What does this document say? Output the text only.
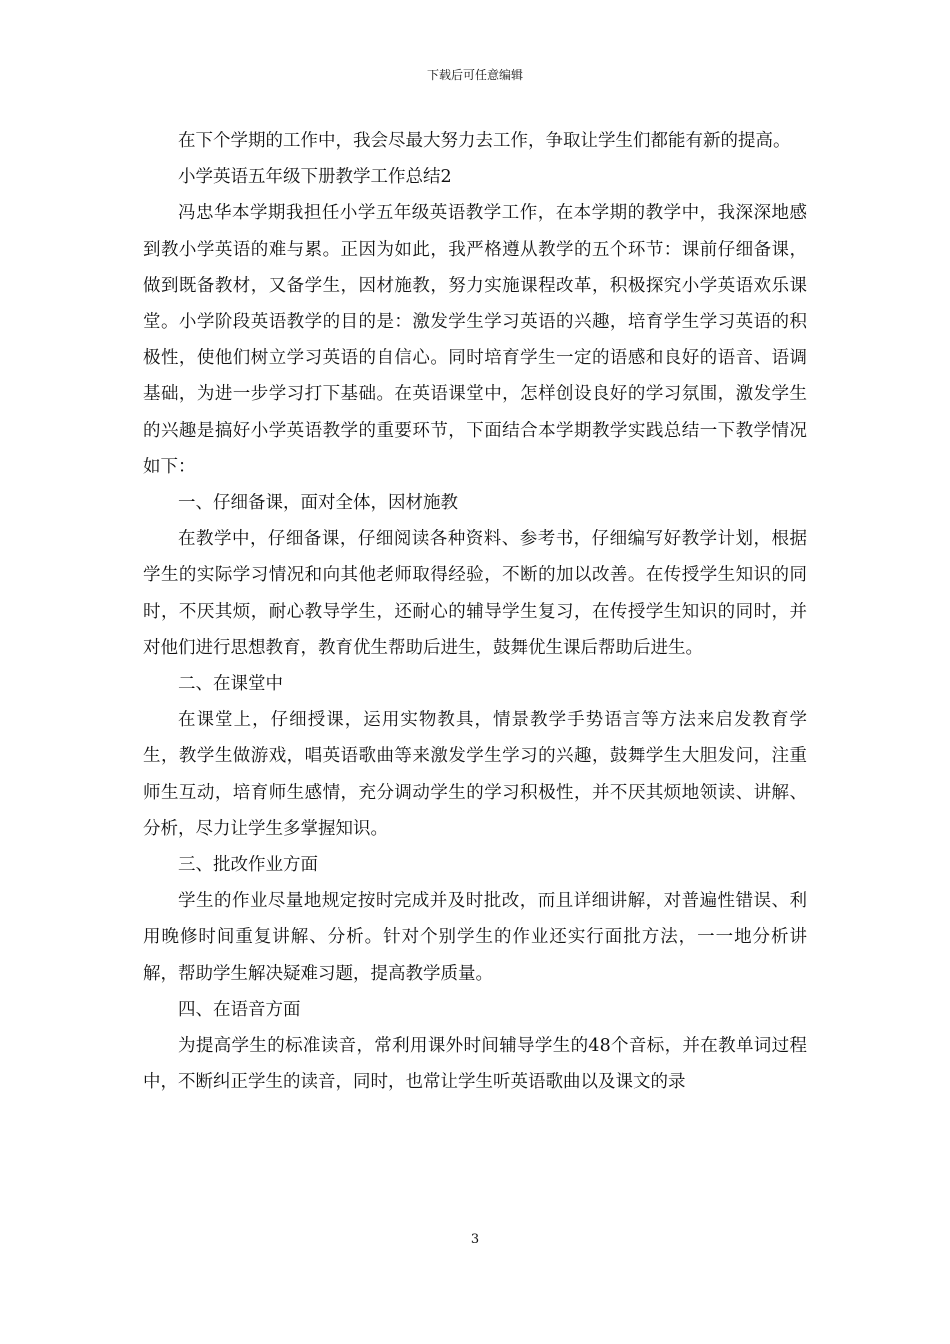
下载后可任意编辑

在下个学期的工作中，我会尽最大努力去工作，争取让学生们都能有新的提高。

小学英语五年级下册教学工作总结2

冯忠华本学期我担任小学五年级英语教学工作，在本学期的教学中，我深深地感到教小学英语的难与累。正因为如此，我严格遵从教学的五个环节：课前仔细备课，做到既备教材，又备学生，因材施教，努力实施课程改革，积极探究小学英语欢乐课堂。小学阶段英语教学的目的是：激发学生学习英语的兴趣，培育学生学习英语的积极性，使他们树立学习英语的自信心。同时培育学生一定的语感和良好的语音、语调基础，为进一步学习打下基础。在英语课堂中，怎样创设良好的学习氛围，激发学生的兴趣是搞好小学英语教学的重要环节，下面结合本学期教学实践总结一下教学情况如下：

一、仔细备课，面对全体，因材施教

在教学中，仔细备课，仔细阅读各种资料、参考书，仔细编写好教学计划，根据学生的实际学习情况和向其他老师取得经验，不断的加以改善。在传授学生知识的同时，不厌其烦，耐心教导学生，还耐心的辅导学生复习，在传授学生知识的同时，并对他们进行思想教育，教育优生帮助后进生，鼓舞优生课后帮助后进生。

二、在课堂中

在课堂上，仔细授课，运用实物教具，情景教学手势语言等方法来启发教育学生，教学生做游戏，唱英语歌曲等来激发学生学习的兴趣，鼓舞学生大胆发问，注重师生互动，培育师生感情，充分调动学生的学习积极性，并不厌其烦地领读、讲解、分析，尽力让学生多掌握知识。

三、批改作业方面

学生的作业尽量地规定按时完成并及时批改，而且详细讲解，对普遍性错误、利用晚修时间重复讲解、分析。针对个别学生的作业还实行面批方法，一一地分析讲解，帮助学生解决疑难习题，提高教学质量。

四、在语音方面

为提高学生的标准读音，常利用课外时间辅导学生的48个音标，并在教单词过程中，不断纠正学生的读音，同时，也常让学生听英语歌曲以及课文的录

3
